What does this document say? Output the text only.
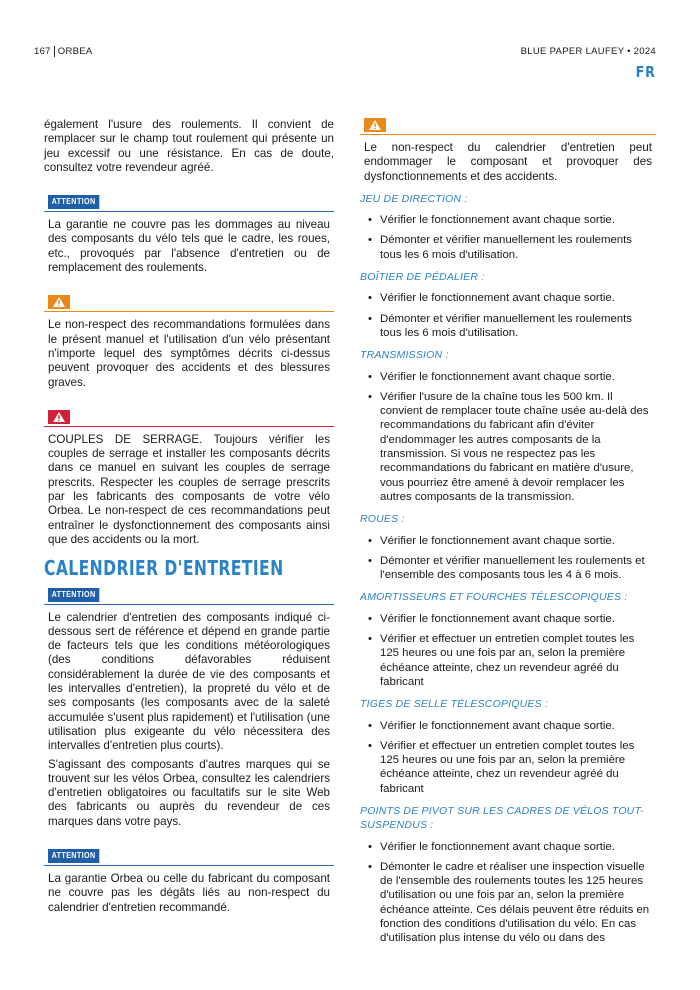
167 ORBEA	BLUE PAPER LAUFEY • 2024
FR

également l'usure des roulements. Il convient de remplacer sur le champ tout roulement qui présente un jeu excessif ou une résistance. En cas de doute, consultez votre revendeur agréé.

ATTENTION

La garantie ne couvre pas les dommages au niveau des composants du vélo tels que le cadre, les roues, etc., provoqués par l'absence d'entretien ou de remplacement des roulements.

Le non-respect des recommandations formulées dans le présent manuel et l'utilisation d'un vélo présentant n'importe lequel des symptômes décrits ci-dessus peuvent provoquer des accidents et des blessures graves.

COUPLES DE SERRAGE. Toujours vérifier les couples de serrage et installer les composants décrits dans ce manuel en suivant les couples de serrage prescrits. Respecter les couples de serrage prescrits par les fabricants des composants de votre vélo Orbea. Le non-respect de ces recommandations peut entraîner le dysfonctionnement des composants ainsi que des accidents ou la mort.

CALENDRIER D'ENTRETIEN
ATTENTION

Le calendrier d'entretien des composants indiqué ci-dessous sert de référence et dépend en grande partie de facteurs tels que les conditions météorologiques (des conditions défavorables réduisent considérablement la durée de vie des composants et les intervalles d'entretien), la propreté du vélo et de ses composants (les composants avec de la saleté accumulée s'usent plus rapidement) et l'utilisation (une utilisation plus exigeante du vélo nécessitera des intervalles d'entretien plus courts).

S'agissant des composants d'autres marques qui se trouvent sur les vélos Orbea, consultez les calendriers d'entretien obligatoires ou facultatifs sur le site Web des fabricants ou auprès du revendeur de ces marques dans votre pays.

ATTENTION

La garantie Orbea ou celle du fabricant du composant ne couvre pas les dégâts liés au non-respect du calendrier d'entretien recommandé.

Le non-respect du calendrier d'entretien peut endommager le composant et provoquer des dysfonctionnements et des accidents.

JEU DE DIRECTION :
• Vérifier le fonctionnement avant chaque sortie.
• Démonter et vérifier manuellement les roulements tous les 6 mois d'utilisation.
BOÎTIER DE PÉDALIER :
• Vérifier le fonctionnement avant chaque sortie.
• Démonter et vérifier manuellement les roulements tous les 6 mois d'utilisation.
TRANSMISSION :
• Vérifier le fonctionnement avant chaque sortie.
• Vérifier l'usure de la chaîne tous les 500 km. Il convient de remplacer toute chaîne usée au-delà des recommandations du fabricant afin d'éviter d'endommager les autres composants de la transmission. Si vous ne respectez pas les recommandations du fabricant en matière d'usure, vous pourriez être amené à devoir remplacer les autres composants de la transmission.
ROUES :
• Vérifier le fonctionnement avant chaque sortie.
• Démonter et vérifier manuellement les roulements et l'ensemble des composants tous les 4 à 6 mois.
AMORTISSEURS ET FOURCHES TÉLESCOPIQUES :
• Vérifier le fonctionnement avant chaque sortie.
• Vérifier et effectuer un entretien complet toutes les 125 heures ou une fois par an, selon la première échéance atteinte, chez un revendeur agréé du fabricant
TIGES DE SELLE TÉLESCOPIQUES :
• Vérifier le fonctionnement avant chaque sortie.
• Vérifier et effectuer un entretien complet toutes les 125 heures ou une fois par an, selon la première échéance atteinte, chez un revendeur agréé du fabricant
POINTS DE PIVOT SUR LES CADRES DE VÉLOS TOUT-SUSPENDUS :
• Vérifier le fonctionnement avant chaque sortie.
• Démonter le cadre et réaliser une inspection visuelle de l'ensemble des roulements toutes les 125 heures d'utilisation ou une fois par an, selon la première échéance atteinte. Ces délais peuvent être réduits en fonction des conditions d'utilisation du vélo. En cas d'utilisation plus intense du vélo ou dans des
